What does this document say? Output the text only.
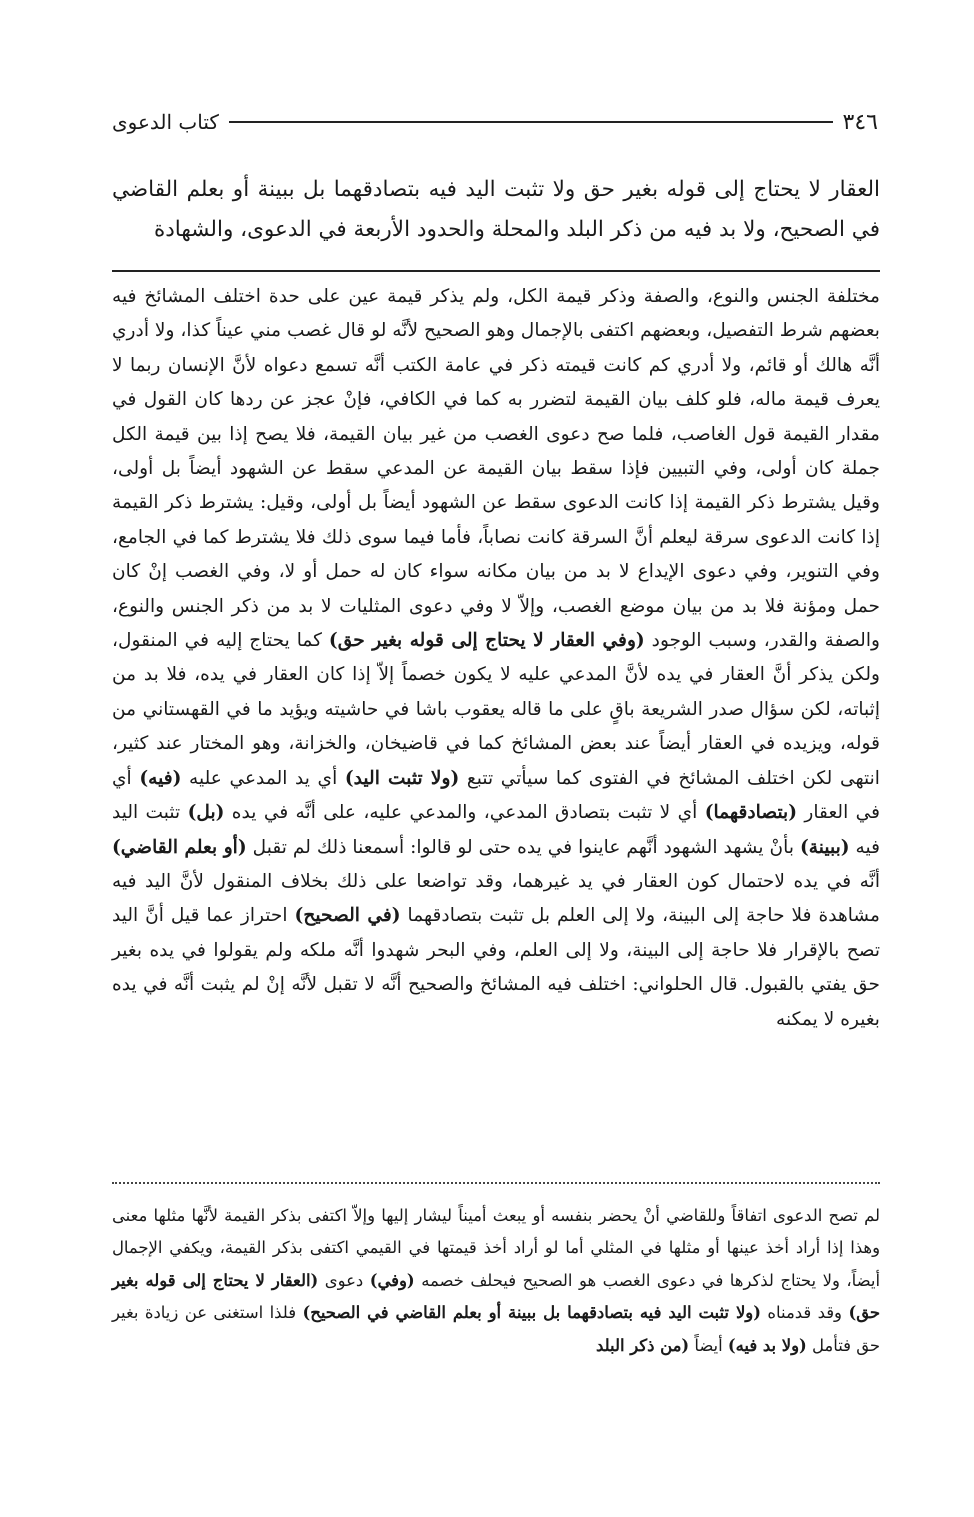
٣٤٦
كتاب الدعوى

العقار لا يحتاج إلى قوله بغير حق ولا تثبت اليد فيه بتصادقهما بل ببينة أو بعلم القاضي في الصحيح، ولا بد فيه من ذكر البلد والمحلة والحدود الأربعة في الدعوى، والشهادة

مختلفة الجنس والنوع، والصفة وذكر قيمة الكل، ولم يذكر قيمة عين على حدة اختلف المشائخ فيه بعضهم شرط التفصيل، وبعضهم اكتفى بالإجمال وهو الصحيح لأنَّه لو قال غصب مني عيناً كذا، ولا أدري أنَّه هالك أو قائم، ولا أدري كم كانت قيمته ذكر في عامة الكتب أنَّه تسمع دعواه لأنَّ الإنسان ربما لا يعرف قيمة ماله، فلو كلف بيان القيمة لتضرر به كما في الكافي، فإنْ عجز عن ردها كان القول في مقدار القيمة قول الغاصب، فلما صح دعوى الغصب من غير بيان القيمة، فلا يصح إذا بين قيمة الكل جملة كان أولى، وفي التبيين فإذا سقط بيان القيمة عن المدعي سقط عن الشهود أيضاً بل أولى، وقيل يشترط ذكر القيمة إذا كانت الدعوى سقط عن الشهود أيضاً بل أولى، وقيل: يشترط ذكر القيمة إذا كانت الدعوى سرقة ليعلم أنَّ السرقة كانت نصاباً، فأما فيما سوى ذلك فلا يشترط كما في الجامع، وفي التنوير، وفي دعوى الإيداع لا بد من بيان مكانه سواء كان له حمل أو لا، وفي الغصب إنْ كان حمل ومؤنة فلا بد من بيان موضع الغصب، وإلاّ لا وفي دعوى المثليات لا بد من ذكر الجنس والنوع، والصفة والقدر، وسبب الوجود (وفي العقار لا يحتاج إلى قوله بغير حق) كما يحتاج إليه في المنقول، ولكن يذكر أنَّ العقار في يده لأنَّ المدعي عليه لا يكون خصماً إلاّ إذا كان العقار في يده، فلا بد من إثباته، لكن سؤال صدر الشريعة باقٍ على ما قاله يعقوب باشا في حاشيته ويؤيد ما في القهستاني من قوله، ويزيده في العقار أيضاً عند بعض المشائخ كما في قاضيخان، والخزانة، وهو المختار عند كثير، انتهى لكن اختلف المشائخ في الفتوى كما سيأتي تتبع (ولا تثبت اليد) أي يد المدعي عليه (فيه) أي في العقار (بتصادقهما) أي لا تثبت بتصادق المدعي، والمدعي عليه، على أنَّه في يده (بل) تثبت اليد فيه (ببينة) بأنْ يشهد الشهود أنَّهم عاينوا في يده حتى لو قالوا: أسمعنا ذلك لم تقبل (أو بعلم القاضي) أنَّه في يده لاحتمال كون العقار في يد غيرهما، وقد تواضعا على ذلك بخلاف المنقول لأنَّ اليد فيه مشاهدة فلا حاجة إلى البينة، ولا إلى العلم بل تثبت بتصادقهما (في الصحيح) احتراز عما قيل أنَّ اليد تصح بالإقرار فلا حاجة إلى البينة، ولا إلى العلم، وفي البحر شهدوا أنَّه ملكه ولم يقولوا في يده بغير حق يفتي بالقبول. قال الحلواني: اختلف فيه المشائخ والصحيح أنَّه لا تقبل لأنَّه إنْ لم يثبت أنَّه في يده بغيره لا يمكنه

لم تصح الدعوى اتفاقاً وللقاضي أنْ يحضر بنفسه أو يبعث أميناً ليشار إليها وإلاّ اكتفى بذكر القيمة لأنَّها مثلها معنى وهذا إذا أراد أخذ عينها أو مثلها في المثلي أما لو أراد أخذ قيمتها في القيمي اكتفى بذكر القيمة، ويكفي الإجمال أيضاً، ولا يحتاج لذكرها في دعوى الغصب هو الصحيح فيحلف خصمه (وفي) دعوى (العقار لا يحتاج إلى قوله بغير حق) وقد قدمناه (ولا تثبت اليد فيه بتصادقهما بل ببينة أو بعلم القاضي في الصحيح) فلذا استغنى عن زيادة بغير حق فتأمل (ولا بد فيه) أيضاً (من ذكر البلد
